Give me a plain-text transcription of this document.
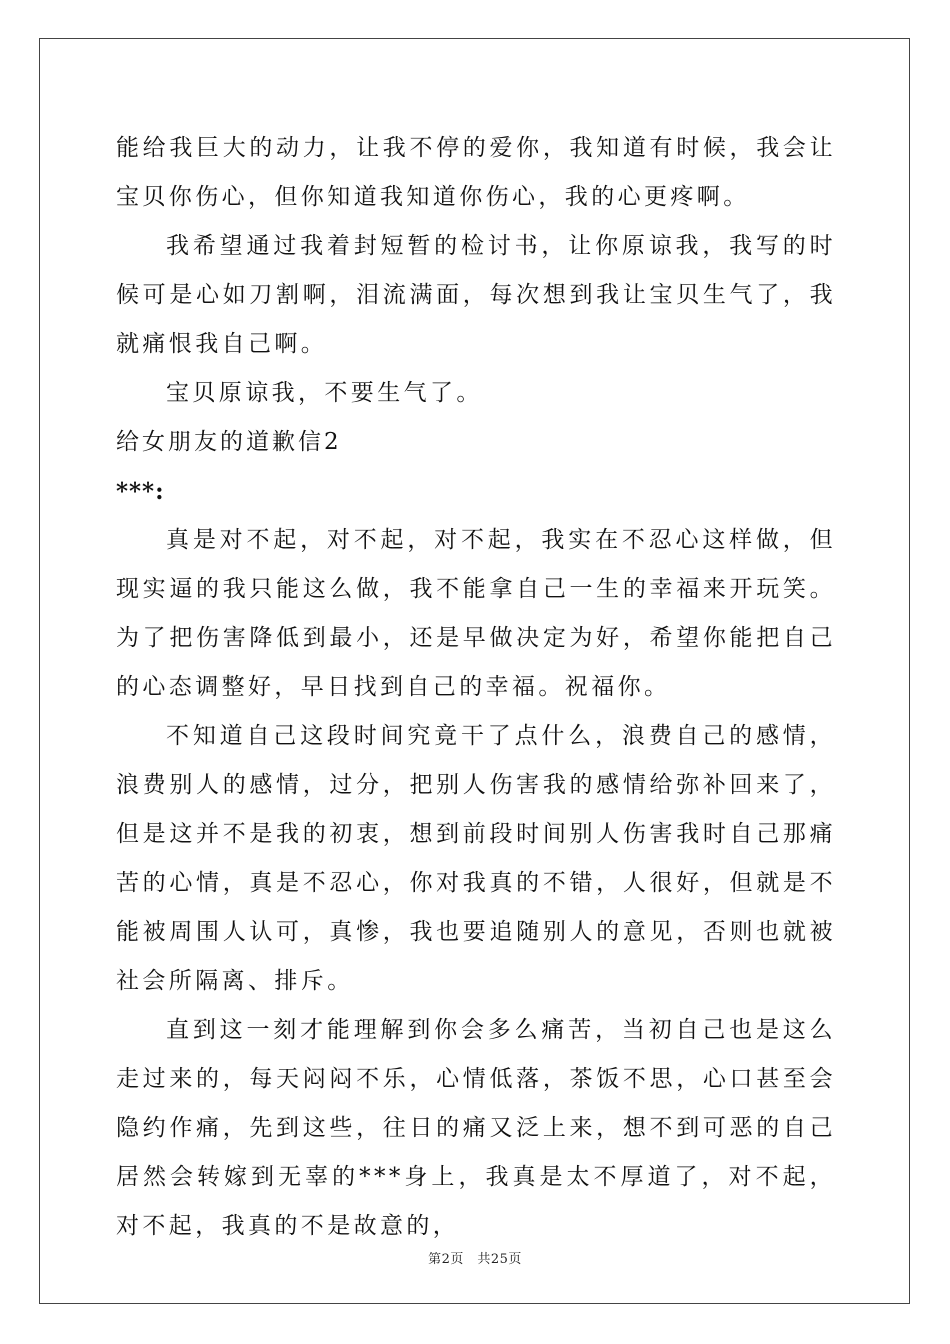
能给我巨大的动力，让我不停的爱你，我知道有时候，我会让宝贝你伤心，但你知道我知道你伤心，我的心更疼啊。

我希望通过我着封短暂的检讨书，让你原谅我，我写的时候可是心如刀割啊，泪流满面，每次想到我让宝贝生气了，我就痛恨我自己啊。

宝贝原谅我，不要生气了。

给女朋友的道歉信2

***:

真是对不起，对不起，对不起，我实在不忍心这样做，但现实逼的我只能这么做，我不能拿自己一生的幸福来开玩笑。为了把伤害降低到最小，还是早做决定为好，希望你能把自己的心态调整好，早日找到自己的幸福。祝福你。

不知道自己这段时间究竟干了点什么，浪费自己的感情，浪费别人的感情，过分，把别人伤害我的感情给弥补回来了，但是这并不是我的初衷，想到前段时间别人伤害我时自己那痛苦的心情，真是不忍心，你对我真的不错，人很好，但就是不能被周围人认可，真惨，我也要追随别人的意见，否则也就被社会所隔离、排斥。

直到这一刻才能理解到你会多么痛苦，当初自己也是这么走过来的，每天闷闷不乐，心情低落，茶饭不思，心口甚至会隐约作痛，先到这些，往日的痛又泛上来，想不到可恶的自己居然会转嫁到无辜的***身上，我真是太不厚道了，对不起，对不起，我真的不是故意的，

第2页　共25页
